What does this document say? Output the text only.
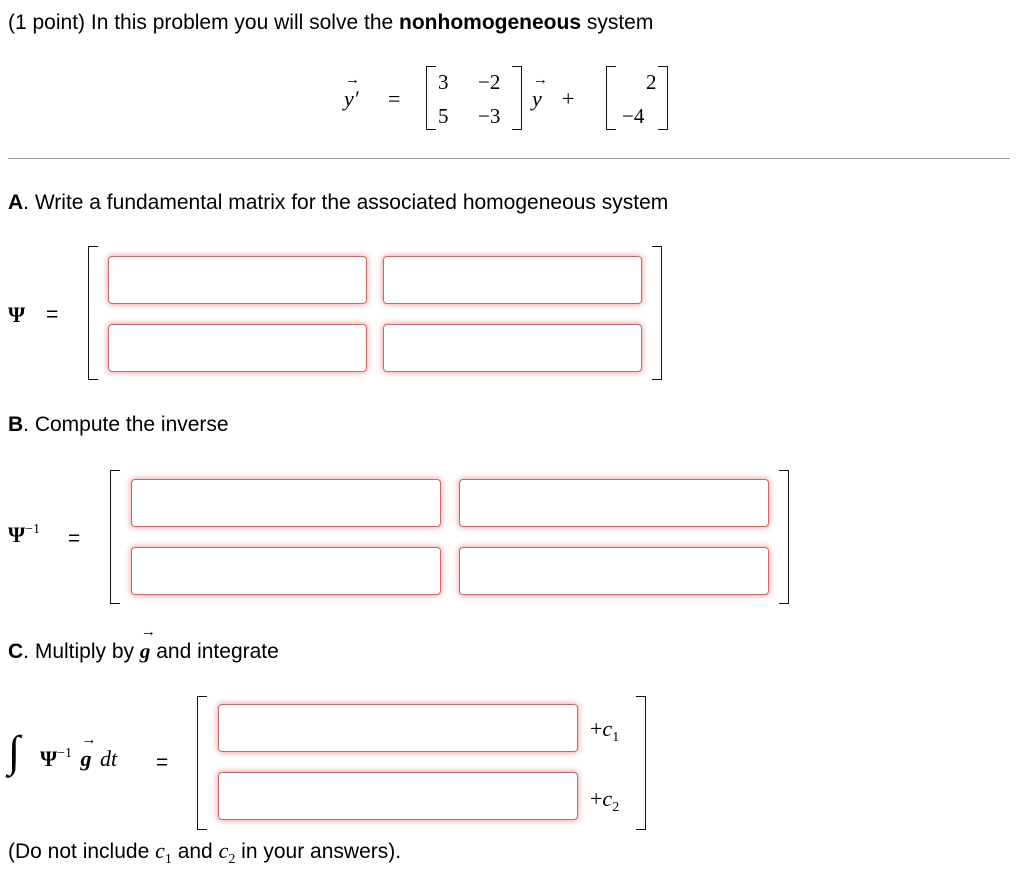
(1 point) In this problem you will solve the nonhomogeneous system
→
y′ =
3 −2
5 −3
→
y +
2
−4
A. Write a fundamental matrix for the associated homogeneous system
Ψ =
B. Compute the inverse
Ψ−1 =
C. Multiply by
→
g and integrate
∫ Ψ−1
→
g dt =
$+c_1$
$+c_2$
(Do not include $c_1$ and $c_2$ in your answers).
